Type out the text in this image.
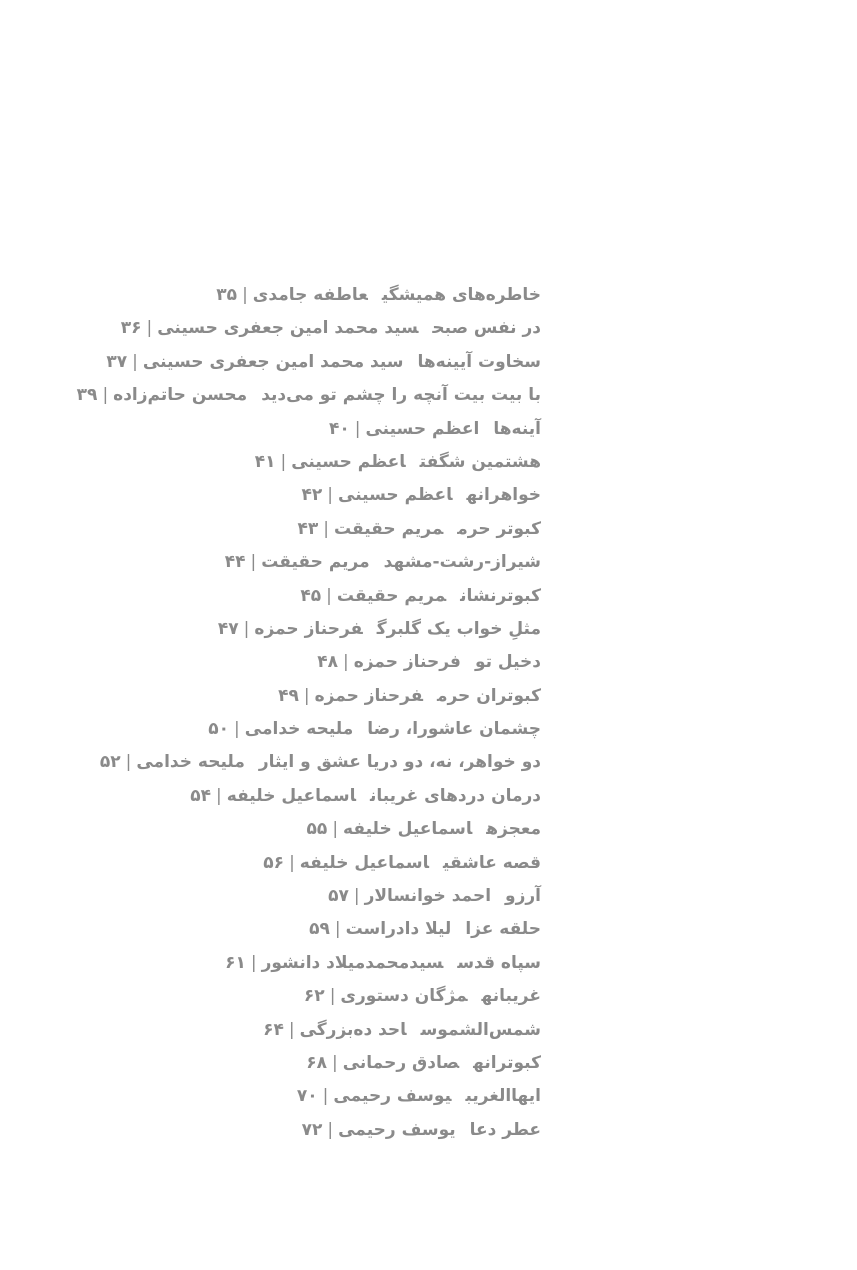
خاطره‌های همیشگیعاطفه جامدی|۳۵
در نفس صبحسید محمد امین جعفری حسینی|۳۶
سخاوت آیینه‌هاسید محمد امین جعفری حسینی|۳۷
با بیت بیت آنچه را چشم تو می‌دیدمحسن حاتم‌زاده|۳۹
آینه‌هااعظم حسینی|۴۰
هشتمین شگفتاعظم حسینی|۴۱
خواهرانهاعظم حسینی|۴۲
کبوتر حرممریم حقیقت|۴۳
شیراز-رشت-مشهدمریم حقیقت|۴۴
کبوترنشانمریم حقیقت|۴۵
مثلِ خواب یک گلبرگفرحناز حمزه|۴۷
دخیل توفرحناز حمزه|۴۸
کبوتران حرمفرحناز حمزه|۴۹
چشمان عاشورا، رضاملیحه خدامی|۵۰
دو خواهر، نه، دو دریا عشق و ایثارملیحه خدامی|۵۲
درمان دردهای غریباناسماعیل خلیفه|۵۴
معجزهاسماعیل خلیفه|۵۵
قصه عاشقیاسماعیل خلیفه|۵۶
آرزواحمد خوانسالار|۵۷
حلقه عزالیلا دادراست|۵۹
سپاه قدسسیدمحمدمیلاد دانشور|۶۱
غریبانهمژگان دستوری|۶۲
شمس‌الشموساحد ده‌بزرگی|۶۴
کبوترانهصادق رحمانی|۶۸
ایهاالغریبیوسف رحیمی|۷۰
عطر دعایوسف رحیمی|۷۲
